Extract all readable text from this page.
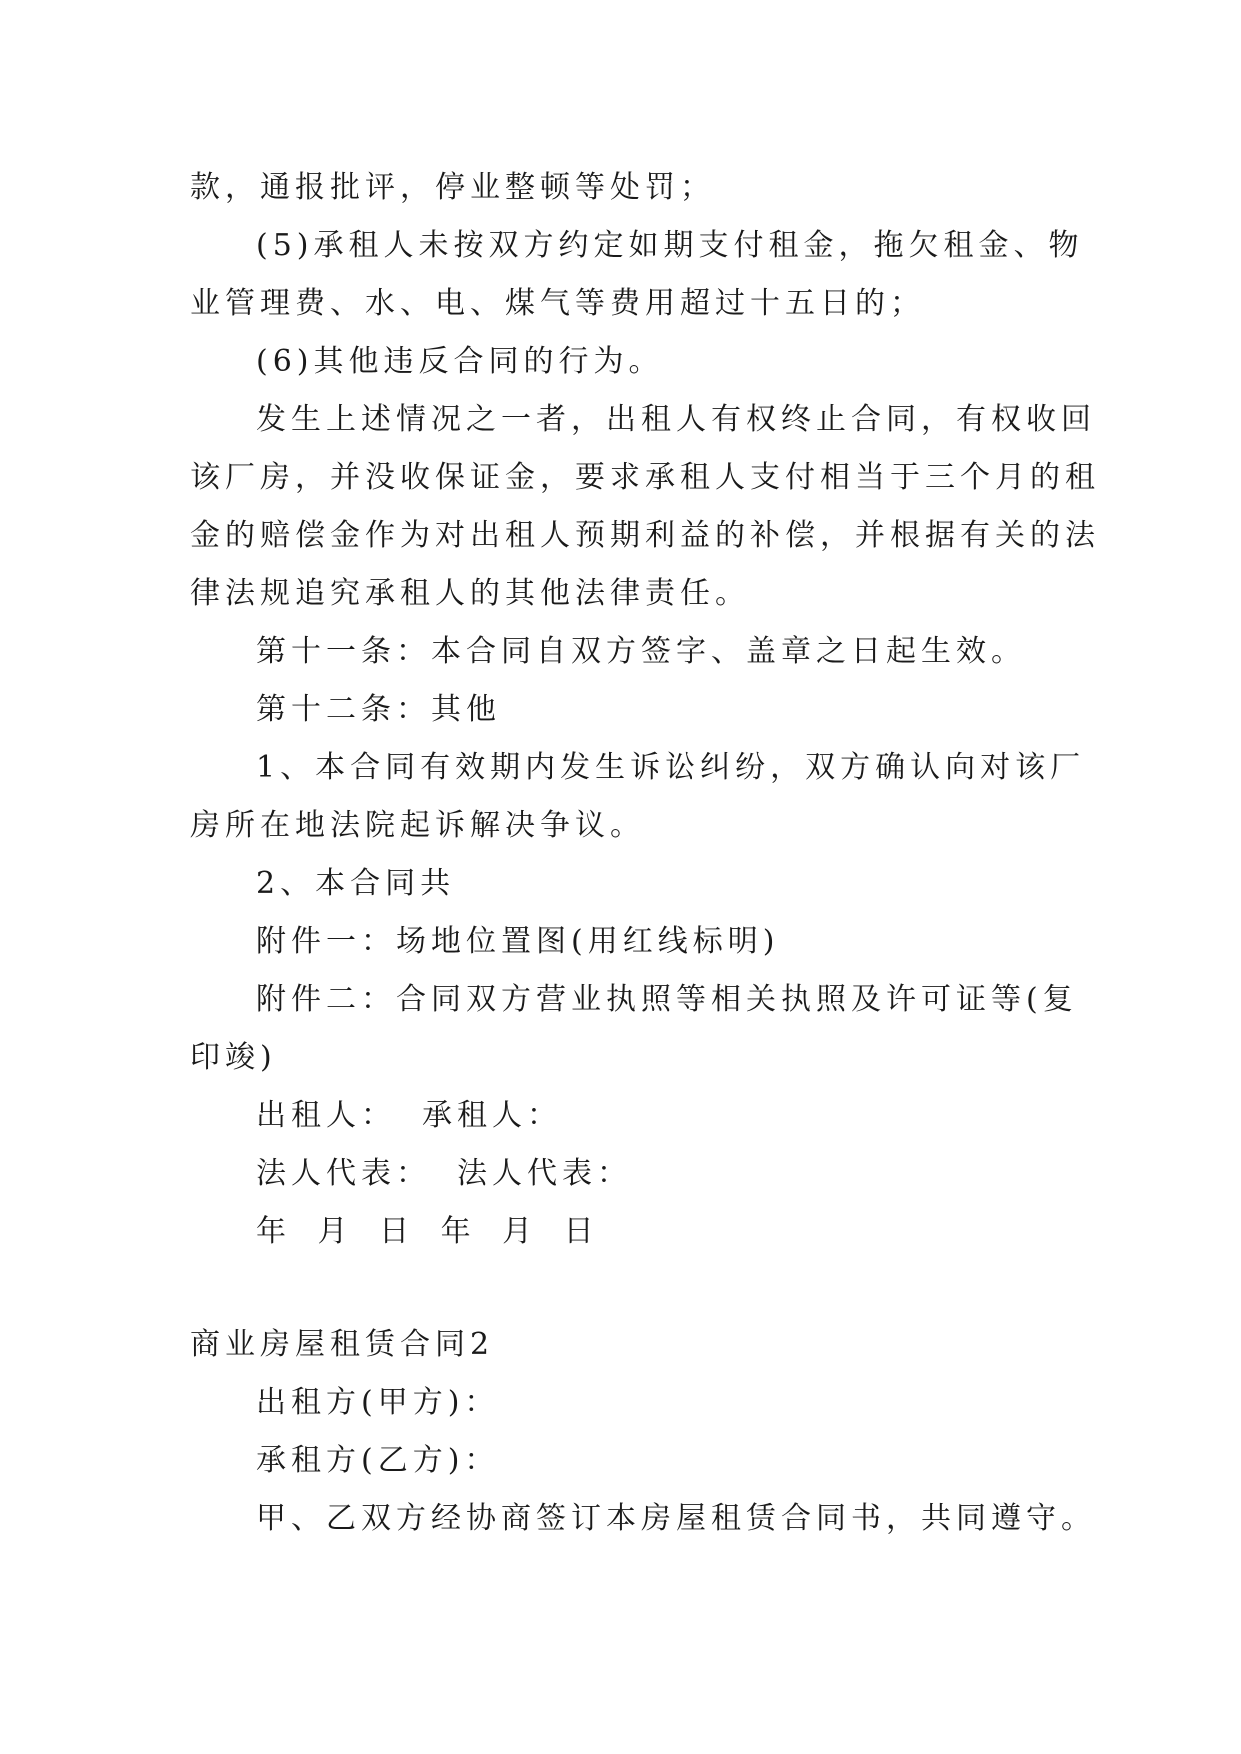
款，通报批评，停业整顿等处罚；
(5)承租人未按双方约定如期支付租金，拖欠租金、物
业管理费、水、电、煤气等费用超过十五日的；
(6)其他违反合同的行为。
发生上述情况之一者，出租人有权终止合同，有权收回
该厂房，并没收保证金，要求承租人支付相当于三个月的租
金的赔偿金作为对出租人预期利益的补偿，并根据有关的法
律法规追究承租人的其他法律责任。
第十一条：本合同自双方签字、盖章之日起生效。
第十二条：其他
1、本合同有效期内发生诉讼纠纷，双方确认向对该厂
房所在地法院起诉解决争议。
2、本合同共
附件一：场地位置图(用红线标明)
附件二：合同双方营业执照等相关执照及许可证等(复
印竣)
出租人： 承租人：
法人代表： 法人代表：
年 月 日 年 月 日
商业房屋租赁合同2
出租方(甲方)：
承租方(乙方)：
甲、乙双方经协商签订本房屋租赁合同书，共同遵守。
